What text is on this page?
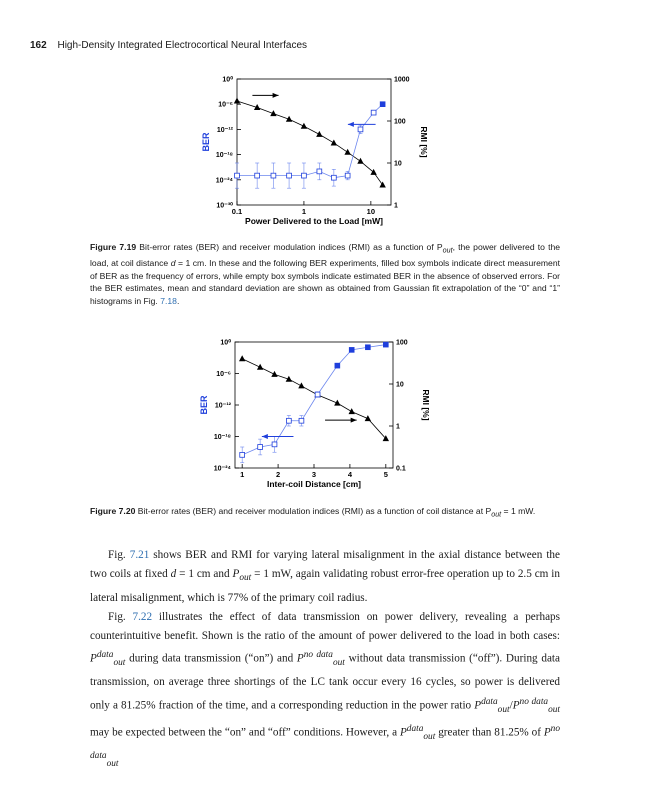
162 High-Density Integrated Electrocortical Neural Interfaces
0.1	1	10
Power Delivered to the Load [mW]
10⁰
10⁻⁶
10⁻¹²
10⁻¹⁸
10⁻²⁴
10⁻³⁰
BER
1000
100
10
1
RMI [%]
Figure 7.19 Bit-error rates (BER) and receiver modulation indices (RMI) as a function of $P_{out}$, the power delivered to the load, at coil distance d = 1 cm. In these and the following BER experiments, filled box symbols indicate direct measurement of BER as the frequency of errors, while empty box symbols indicate estimated BER in the absence of observed errors. For the BER estimates, mean and standard deviation are shown as obtained from Gaussian fit extrapolation of the “0” and “1” histograms in Fig. 7.18.
1	2	3	4	5
Inter-coil Distance [cm]
10⁰
10⁻⁶
10⁻¹²
10⁻¹⁸
10⁻²⁴
BER
100
10
1
0.1
RMI [%]
Figure 7.20 Bit-error rates (BER) and receiver modulation indices (RMI) as a function of coil distance at $P_{out} = 1$ mW.

Fig. 7.21 shows BER and RMI for varying lateral misalignment in the axial distance between the two coils at fixed d = 1 cm and $P_{out} = 1$ mW, again validating robust error-free operation up to 2.5 cm in lateral misalignment, which is 77% of the primary coil radius.

Fig. 7.22 illustrates the effect of data transmission on power delivery, revealing a perhaps counterintuitive benefit. Shown is the ratio of the amount of power delivered to the load in both cases: $P^{data}_{out}$ during data transmission (“on”) and $P^{no data}_{out}$ without data transmission (“off”). During data transmission, on average three shortings of the LC tank occur every 16 cycles, so power is delivered only a 81.25% fraction of the time, and a corresponding reduction in the power ratio $P^{data}_{out}/P^{no data}_{out}$ may be expected between the “on” and “off” conditions. However, a $P^{data}_{out}$ greater than 81.25% of $P^{no data}_{out}$
